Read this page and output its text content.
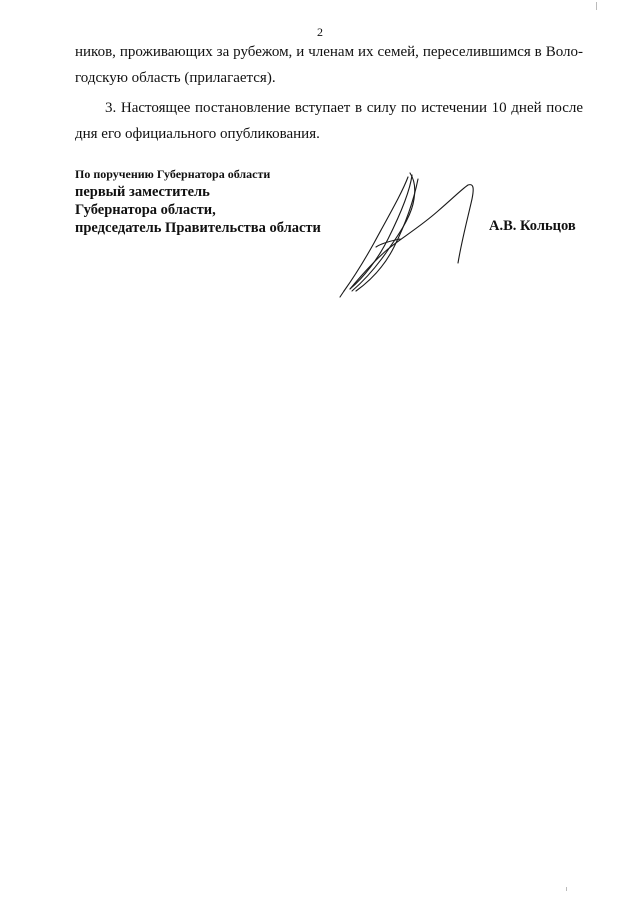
2

ников, проживающих за рубежом, и членам их семей, переселившимся в Воло-

годскую область (прилагается).

3. Настоящее постановление вступает в силу по истечении 10 дней после

дня его официального опубликования.

По поручению Губернатора области
первый заместитель
Губернатора области,
председатель Правительства области	А.В. Кольцов
